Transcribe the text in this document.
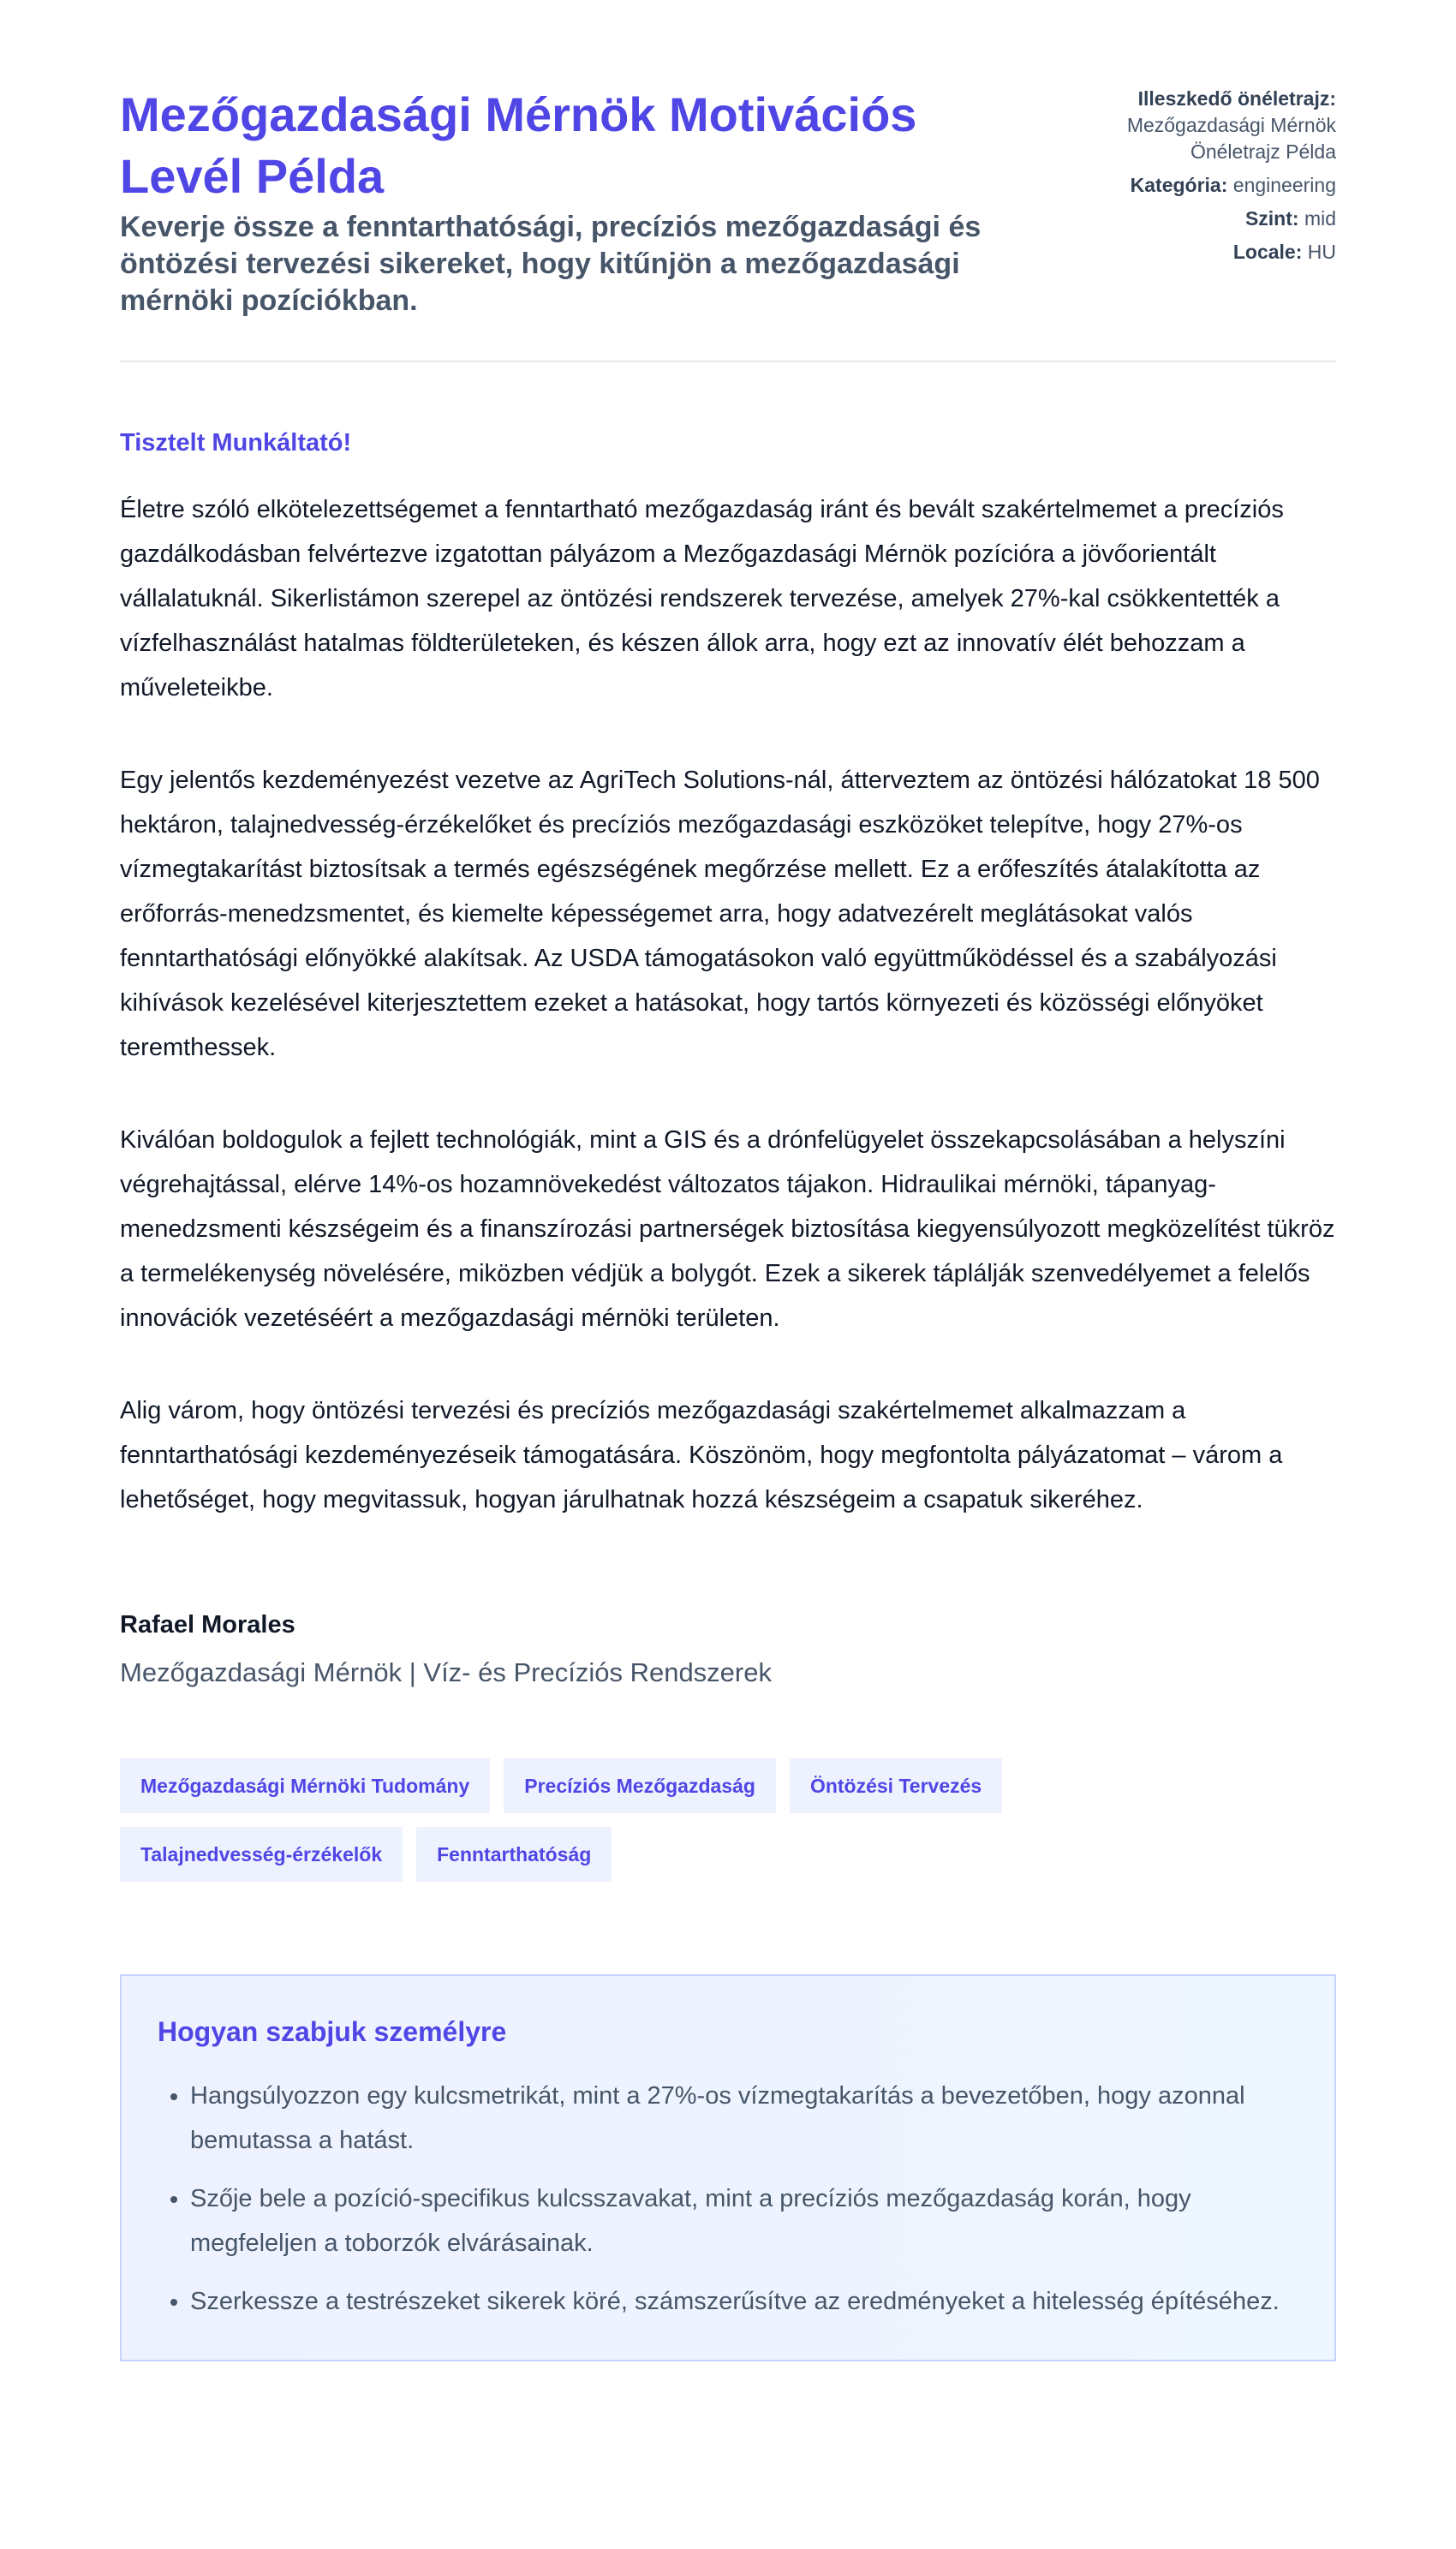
Mezőgazdasági Mérnök Motivációs Levél Példa

Keverje össze a fenntarthatósági, precíziós mezőgazdasági és öntözési tervezési sikereket, hogy kitűnjön a mezőgazdasági mérnöki pozíciókban.

Illeszkedő önéletrajz:
Mezőgazdasági Mérnök Önéletrajz Példa
Kategória: engineering
Szint: mid
Locale: HU

Tisztelt Munkáltató!

Életre szóló elkötelezettségemet a fenntartható mezőgazdaság iránt és bevált szakértelmemet a precíziós gazdálkodásban felvértezve izgatottan pályázom a Mezőgazdasági Mérnök pozícióra a jövőorientált vállalatuknál. Sikerlistámon szerepel az öntözési rendszerek tervezése, amelyek 27%-kal csökkentették a vízfelhasználást hatalmas földterületeken, és készen állok arra, hogy ezt az innovatív élét behozzam a műveleteikbe.

Egy jelentős kezdeményezést vezetve az AgriTech Solutions-nál, átterveztem az öntözési hálózatokat 18 500 hektáron, talajnedvesség-érzékelőket és precíziós mezőgazdasági eszközöket telepítve, hogy 27%-os vízmegtakarítást biztosítsak a termés egészségének megőrzése mellett. Ez a erőfeszítés átalakította az erőforrás-menedzsmentet, és kiemelte képességemet arra, hogy adatvezérelt meglátásokat valós fenntarthatósági előnyökké alakítsak. Az USDA támogatásokon való együttműködéssel és a szabályozási kihívások kezelésével kiterjesztettem ezeket a hatásokat, hogy tartós környezeti és közösségi előnyöket teremthessek.

Kiválóan boldogulok a fejlett technológiák, mint a GIS és a drónfelügyelet összekapcsolásában a helyszíni végrehajtással, elérve 14%-os hozamnövekedést változatos tájakon. Hidraulikai mérnöki, tápanyag-menedzsmenti készségeim és a finanszírozási partnerségek biztosítása kiegyensúlyozott megközelítést tükröz a termelékenység növelésére, miközben védjük a bolygót. Ezek a sikerek táplálják szenvedélyemet a felelős innovációk vezetéséért a mezőgazdasági mérnöki területen.

Alig várom, hogy öntözési tervezési és precíziós mezőgazdasági szakértelmemet alkalmazzam a fenntarthatósági kezdeményezéseik támogatására. Köszönöm, hogy megfontolta pályázatomat – várom a lehetőséget, hogy megvitassuk, hogyan járulhatnak hozzá készségeim a csapatuk sikeréhez.

Rafael Morales

Mezőgazdasági Mérnök | Víz- és Precíziós Rendszerek

Mezőgazdasági Mérnöki Tudomány	Precíziós Mezőgazdaság	Öntözési Tervezés
Talajnedvesség-érzékelők	Fenntarthatóság
Hogyan szabjuk személyre
• Hangsúlyozzon egy kulcsmetrikát, mint a 27%-os vízmegtakarítás a bevezetőben, hogy azonnal bemutassa a hatást.
• Szője bele a pozíció-specifikus kulcsszavakat, mint a precíziós mezőgazdaság korán, hogy megfeleljen a toborzók elvárásainak.
• Szerkessze a testrészeket sikerek köré, számszerűsítve az eredményeket a hitelesség építéséhez.
